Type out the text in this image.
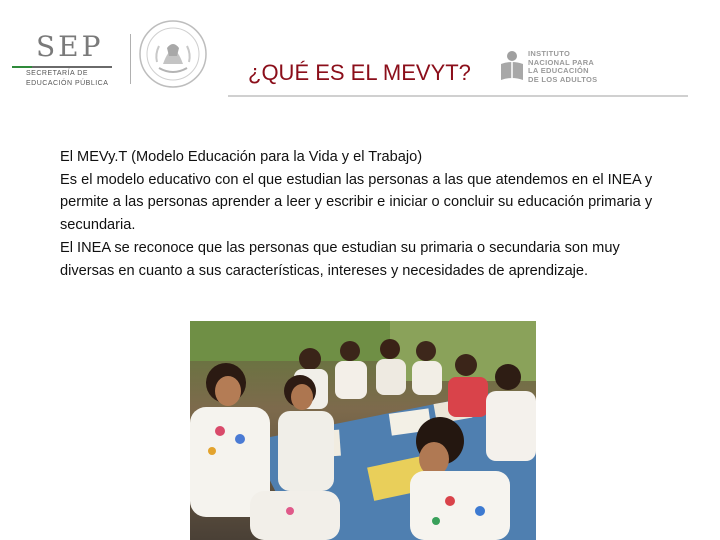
SEP
SECRETARÍA DE
EDUCACIÓN PÚBLICA	¿QUÉ ES EL MEVYT?
INSTITUTO
NACIONAL PARA
LA EDUCACIÓN
DE LOS ADULTOS

El MEVy.T (Modelo Educación para la Vida y el Trabajo)

Es el modelo educativo con el que estudian las personas a las que atendemos en el INEA y permite a las personas aprender a leer y escribir e iniciar o concluir su educación primaria y secundaria.

El INEA se reconoce que las personas que estudian su primaria o secundaria son muy diversas en cuanto a sus características, intereses y necesidades de aprendizaje.
